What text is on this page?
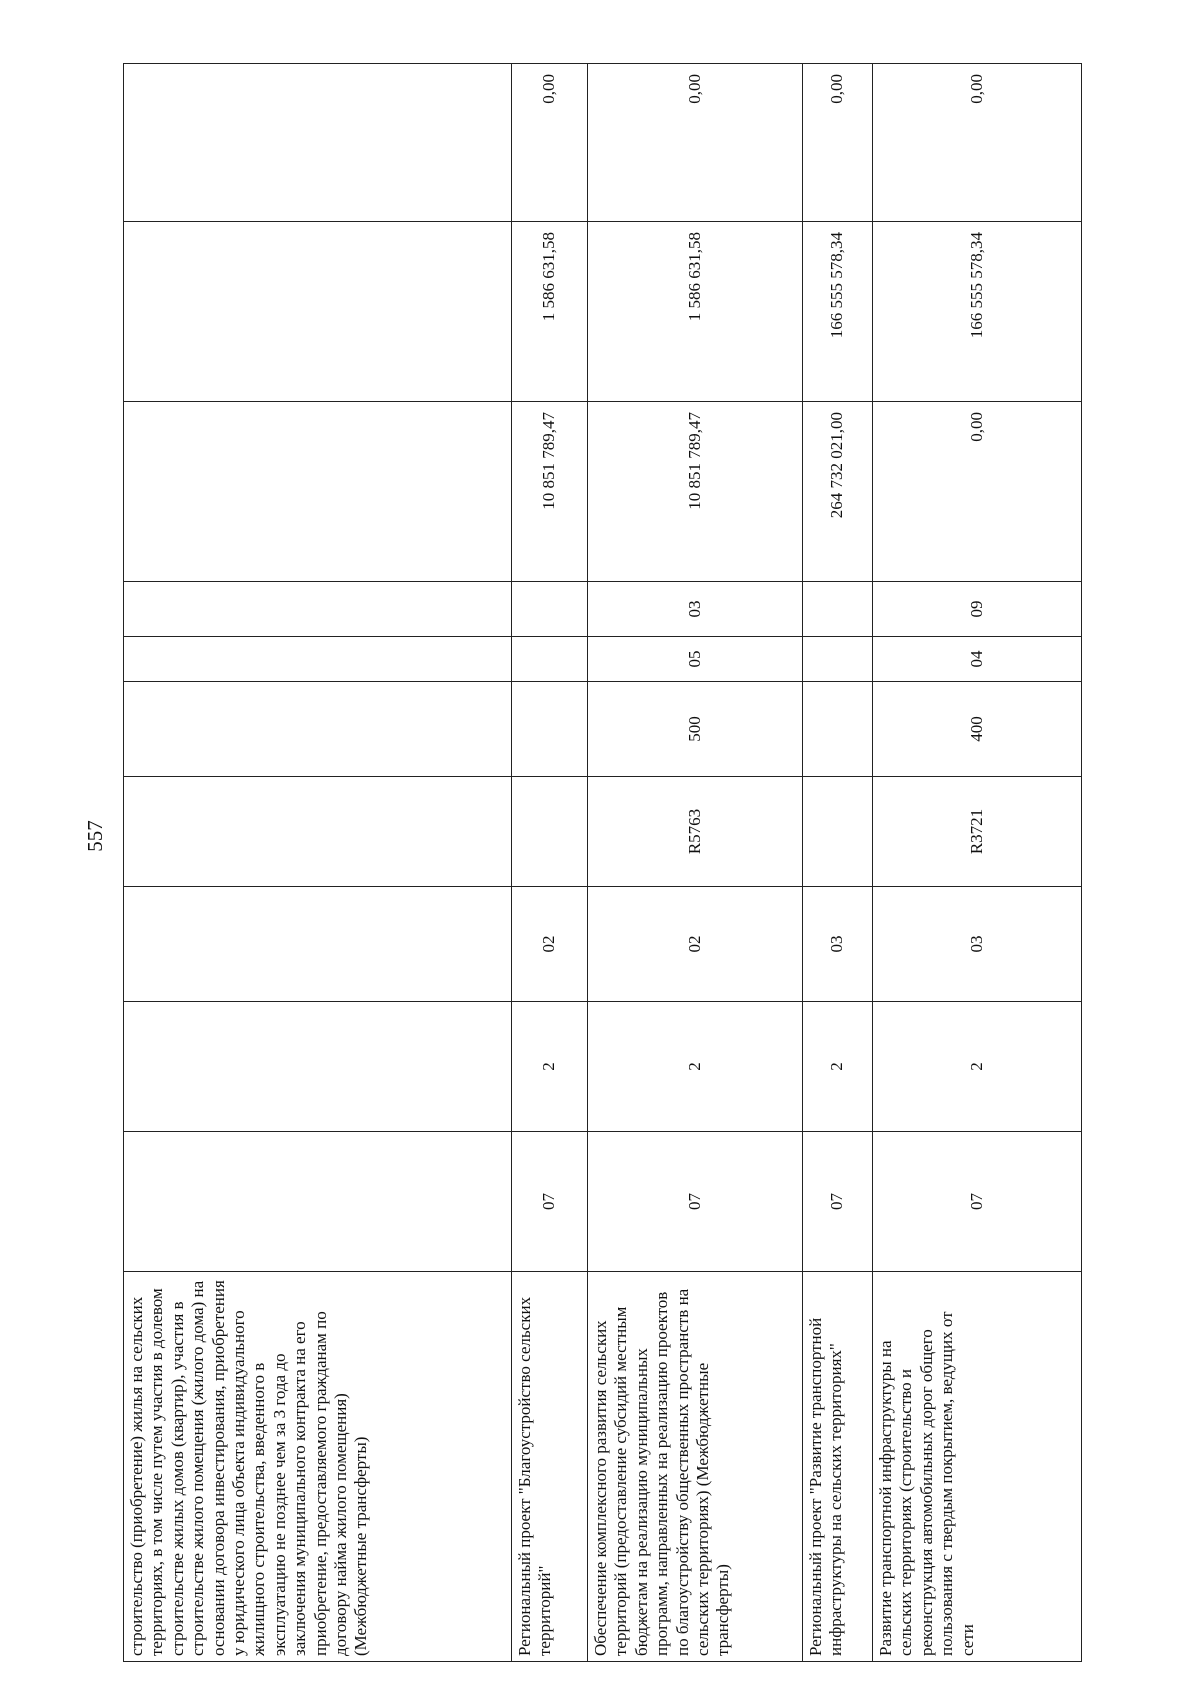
557
строительство (приобретение) жилья на сельских территориях, в том числе путем участия в долевом строительстве жилых домов (квартир), участия в строительстве жилого помещения (жилого дома) на основании договора инвестирования, приобретения у юридического лица объекта индивидуального жилищного строительства, введенного в эксплуатацию не позднее чем за 3 года до заключения муниципального контракта на его приобретение, предоставляемого гражданам по договору найма жилого помещения) (Межбюджетные трансферты)										
Региональный проект "Благоустройство сельских территорий"	07	2	02					10 851 789,47	1 586 631,58	0,00
Обеспечение комплексного развития сельских территорий (предоставление субсидий местным бюджетам на реализацию муниципальных программ, направленных на реализацию проектов по благоустройству общественных пространств на сельских территориях) (Межбюджетные трансферты)	07	2	02	R5763	500	05	03	10 851 789,47	1 586 631,58	0,00
Региональный проект "Развитие транспортной инфраструктуры на сельских территориях"	07	2	03					264 732 021,00	166 555 578,34	0,00
Развитие транспортной инфраструктуры на сельских территориях (строительство и реконструкция автомобильных дорог общего пользования с твердым покрытием, ведущих от сети	07	2	03	R3721	400	04	09	0,00	166 555 578,34	0,00
